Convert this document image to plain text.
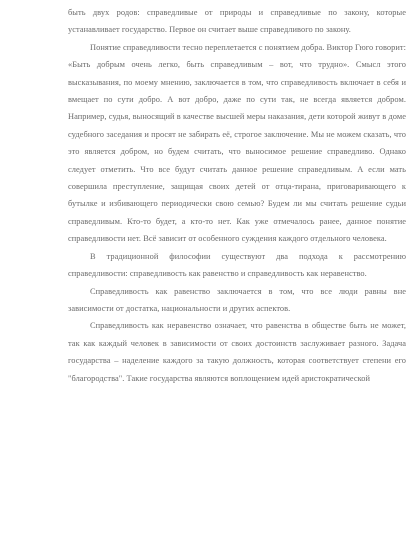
быть двух родов: справедливые от природы и справедливые по закону, которые устанавливает государство. Первое он считает выше справедливого по закону.

Понятие справедливости тесно переплетается с понятием добра. Виктор Гюго говорит: «Быть добрым очень легко, быть справедливым – вот, что трудно». Смысл этого высказывания, по моему мнению, заключается в том, что справедливость включает в себя и вмещает по сути добро. А вот добро, даже по сути так, не всегда является добром. Например, судья, выносящий в качестве высшей меры наказания, дети которой живут в доме судебного заседания и просят не забирать её, строгое заключение. Мы не можем сказать, что это является добром, но будем считать, что выносимое решение справедливо. Однако следует отметить. Что все будут считать данное решение справедливым. А если мать совершила преступление, защищая своих детей от отца-тирана, приговаривающего к бутылке и избивающего периодически свою семью? Будем ли мы считать решение судьи справедливым. Кто-то будет, а кто-то нет. Как уже отмечалось ранее, данное понятие справедливости нет. Всё зависит от особенного суждения каждого отдельного человека.

В традиционной философии существуют два подхода к рассмотрению справедливости: справедливость как равенство и справедливость как неравенство.

Справедливость как равенство заключается в том, что все люди равны вне зависимости от достатка, национальности и других аспектов.

Справедливость как неравенство означает, что равенства в обществе быть не может, так как каждый человек в зависимости от своих достоинств заслуживает разного. Задача государства – наделение каждого за такую должность, которая соответствует степени его "благородства". Такие государства являются воплощением идей аристократической
